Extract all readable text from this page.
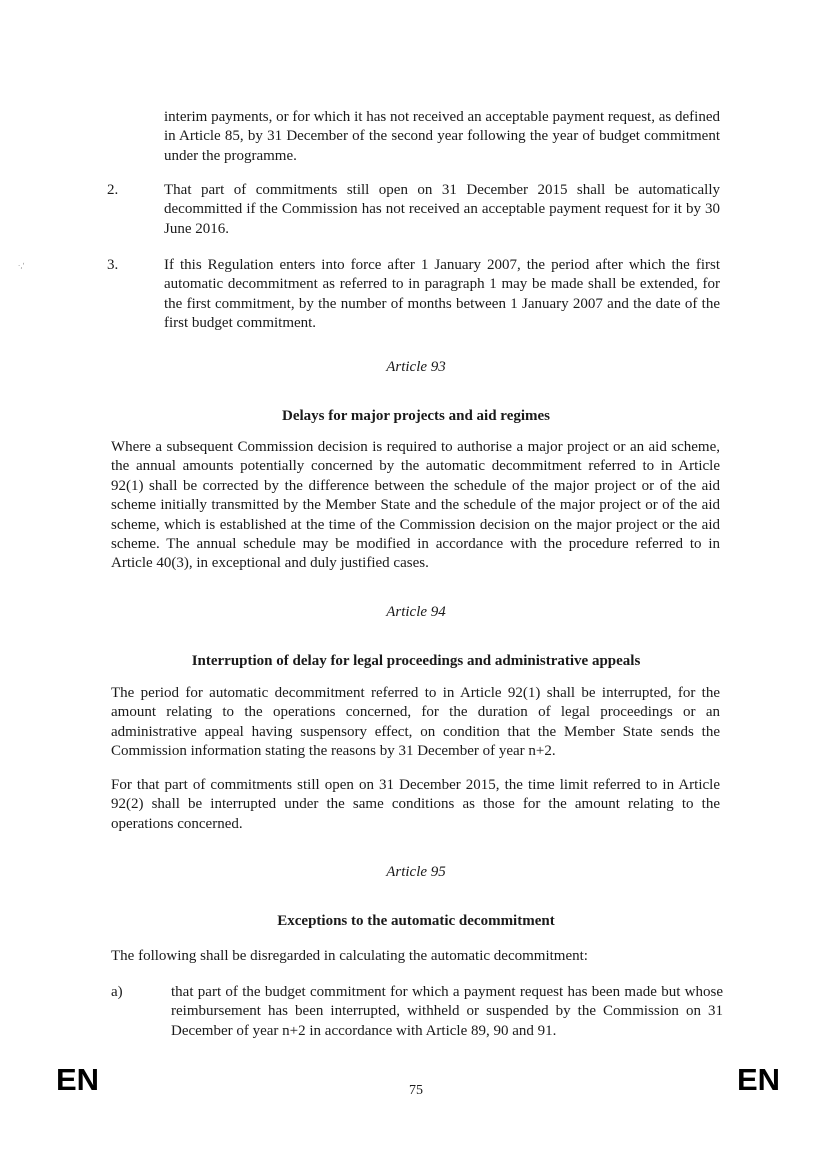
·‚ʻ

interim payments, or for which it has not received an acceptable payment request, as defined in Article 85, by 31 December of the second year following the year of budget commitment under the programme.

2.	That part of commitments still open on 31 December 2015 shall be automatically decommitted if the Commission has not received an acceptable payment request for it by 30 June 2016.

3.	If this Regulation enters into force after 1 January 2007, the period after which the first automatic decommitment as referred to in paragraph 1 may be made shall be extended, for the first commitment, by the number of months between 1 January 2007 and the date of the first budget commitment.

Article 93
Delays for major projects and aid regimes

Where a subsequent Commission decision is required to authorise a major project or an aid scheme, the annual amounts potentially concerned by the automatic decommitment referred to in Article 92(1) shall be corrected by the difference between the schedule of the major project or of the aid scheme initially transmitted by the Member State and the schedule of the major project or of the aid scheme, which is established at the time of the Commission decision on the major project or the aid scheme. The annual schedule may be modified in accordance with the procedure referred to in Article 40(3), in exceptional and duly justified cases.

Article 94
Interruption of delay for legal proceedings and administrative appeals

The period for automatic decommitment referred to in Article 92(1) shall be interrupted, for the amount relating to the operations concerned, for the duration of legal proceedings or an administrative appeal having suspensory effect, on condition that the Member State sends the Commission information stating the reasons by 31 December of year n+2.

For that part of commitments still open on 31 December 2015, the time limit referred to in Article 92(2) shall be interrupted under the same conditions as those for the amount relating to the operations concerned.

Article 95
Exceptions to the automatic decommitment

The following shall be disregarded in calculating the automatic decommitment:

a)	that part of the budget commitment for which a payment request has been made but whose reimbursement has been interrupted, withheld or suspended by the Commission on 31 December of year n+2 in accordance with Article 89, 90 and 91.

EN	75	EN
